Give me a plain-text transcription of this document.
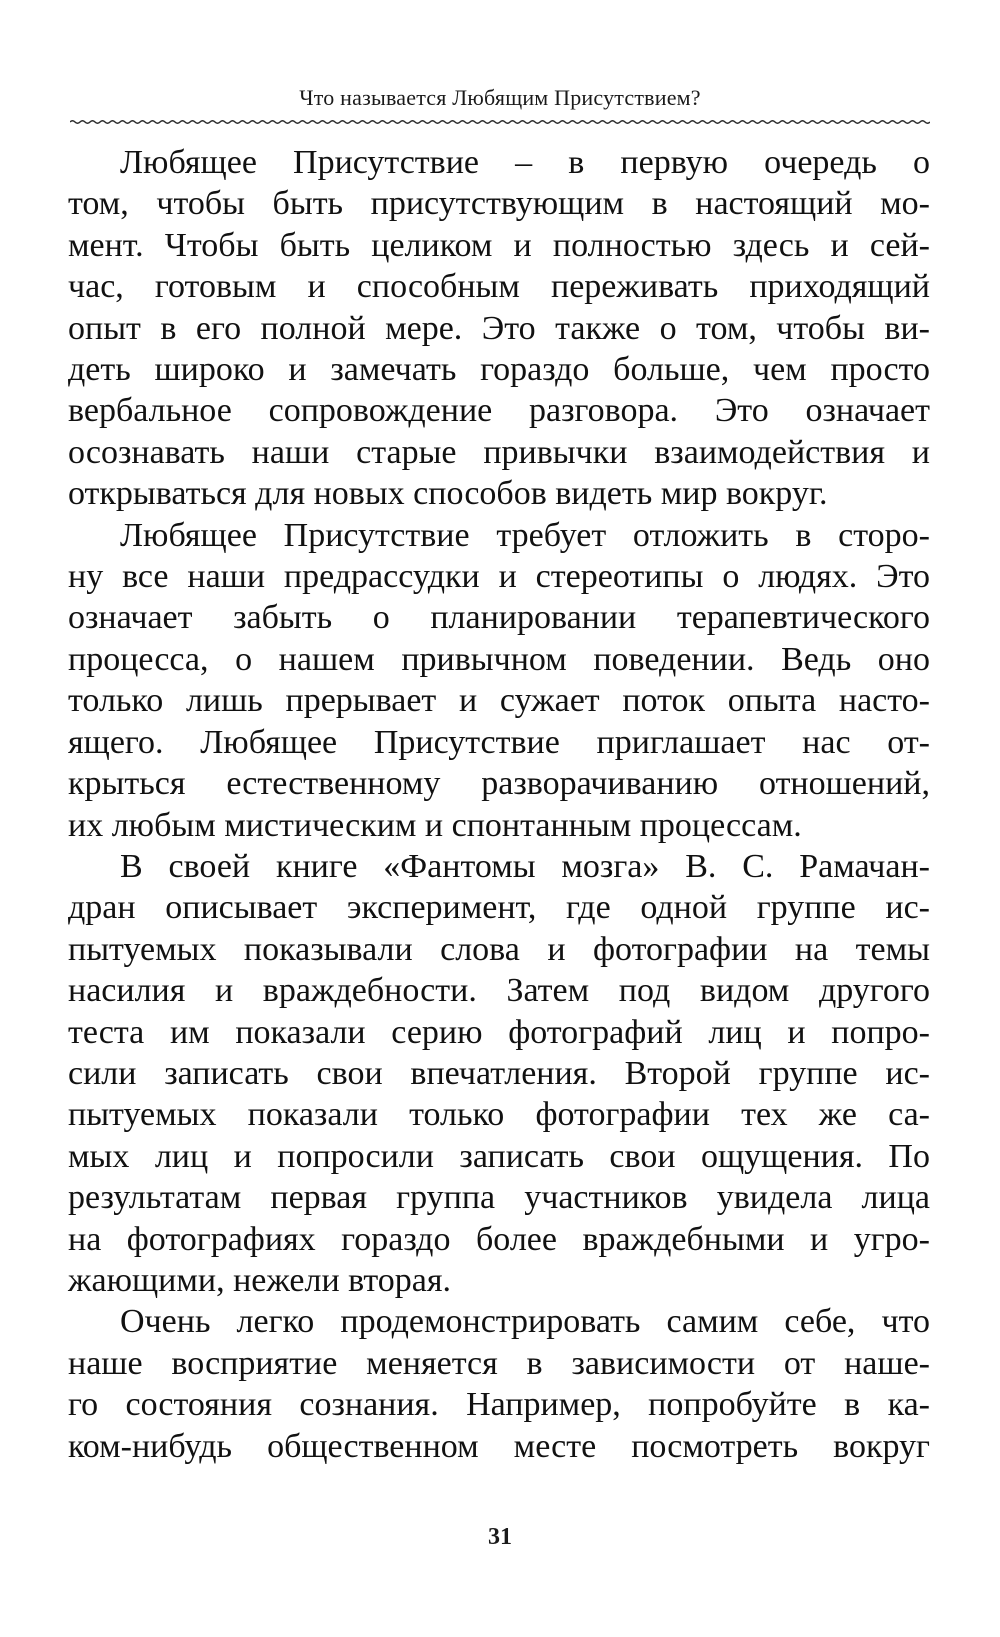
Что называется Любящим Присутствием?
Любящее Присутствие – в первую очередь о
том, чтобы быть присутствующим в настоящий мо-
мент. Чтобы быть целиком и полностью здесь и сей-
час, готовым и способным переживать приходящий
опыт в его полной мере. Это также о том, чтобы ви-
деть широко и замечать гораздо больше, чем просто
вербальное сопровождение разговора. Это означает
осознавать наши старые привычки взаимодействия и
открываться для новых способов видеть мир вокруг.
Любящее Присутствие требует отложить в сторо-
ну все наши предрассудки и стереотипы о людях. Это
означает забыть о планировании терапевтического
процесса, о нашем привычном поведении. Ведь оно
только лишь прерывает и сужает поток опыта насто-
ящего. Любящее Присутствие приглашает нас от-
крыться естественному разворачиванию отношений,
их любым мистическим и спонтанным процессам.
В своей книге «Фантомы мозга» В. С. Рамачан-
дран описывает эксперимент, где одной группе ис-
пытуемых показывали слова и фотографии на темы
насилия и враждебности. Затем под видом другого
теста им показали серию фотографий лиц и попро-
сили записать свои впечатления. Второй группе ис-
пытуемых показали только фотографии тех же са-
мых лиц и попросили записать свои ощущения. По
результатам первая группа участников увидела лица
на фотографиях гораздо более враждебными и угро-
жающими, нежели вторая.
Очень легко продемонстрировать самим себе, что
наше восприятие меняется в зависимости от наше-
го состояния сознания. Например, попробуйте в ка-
ком-нибудь общественном месте посмотреть вокруг
31
